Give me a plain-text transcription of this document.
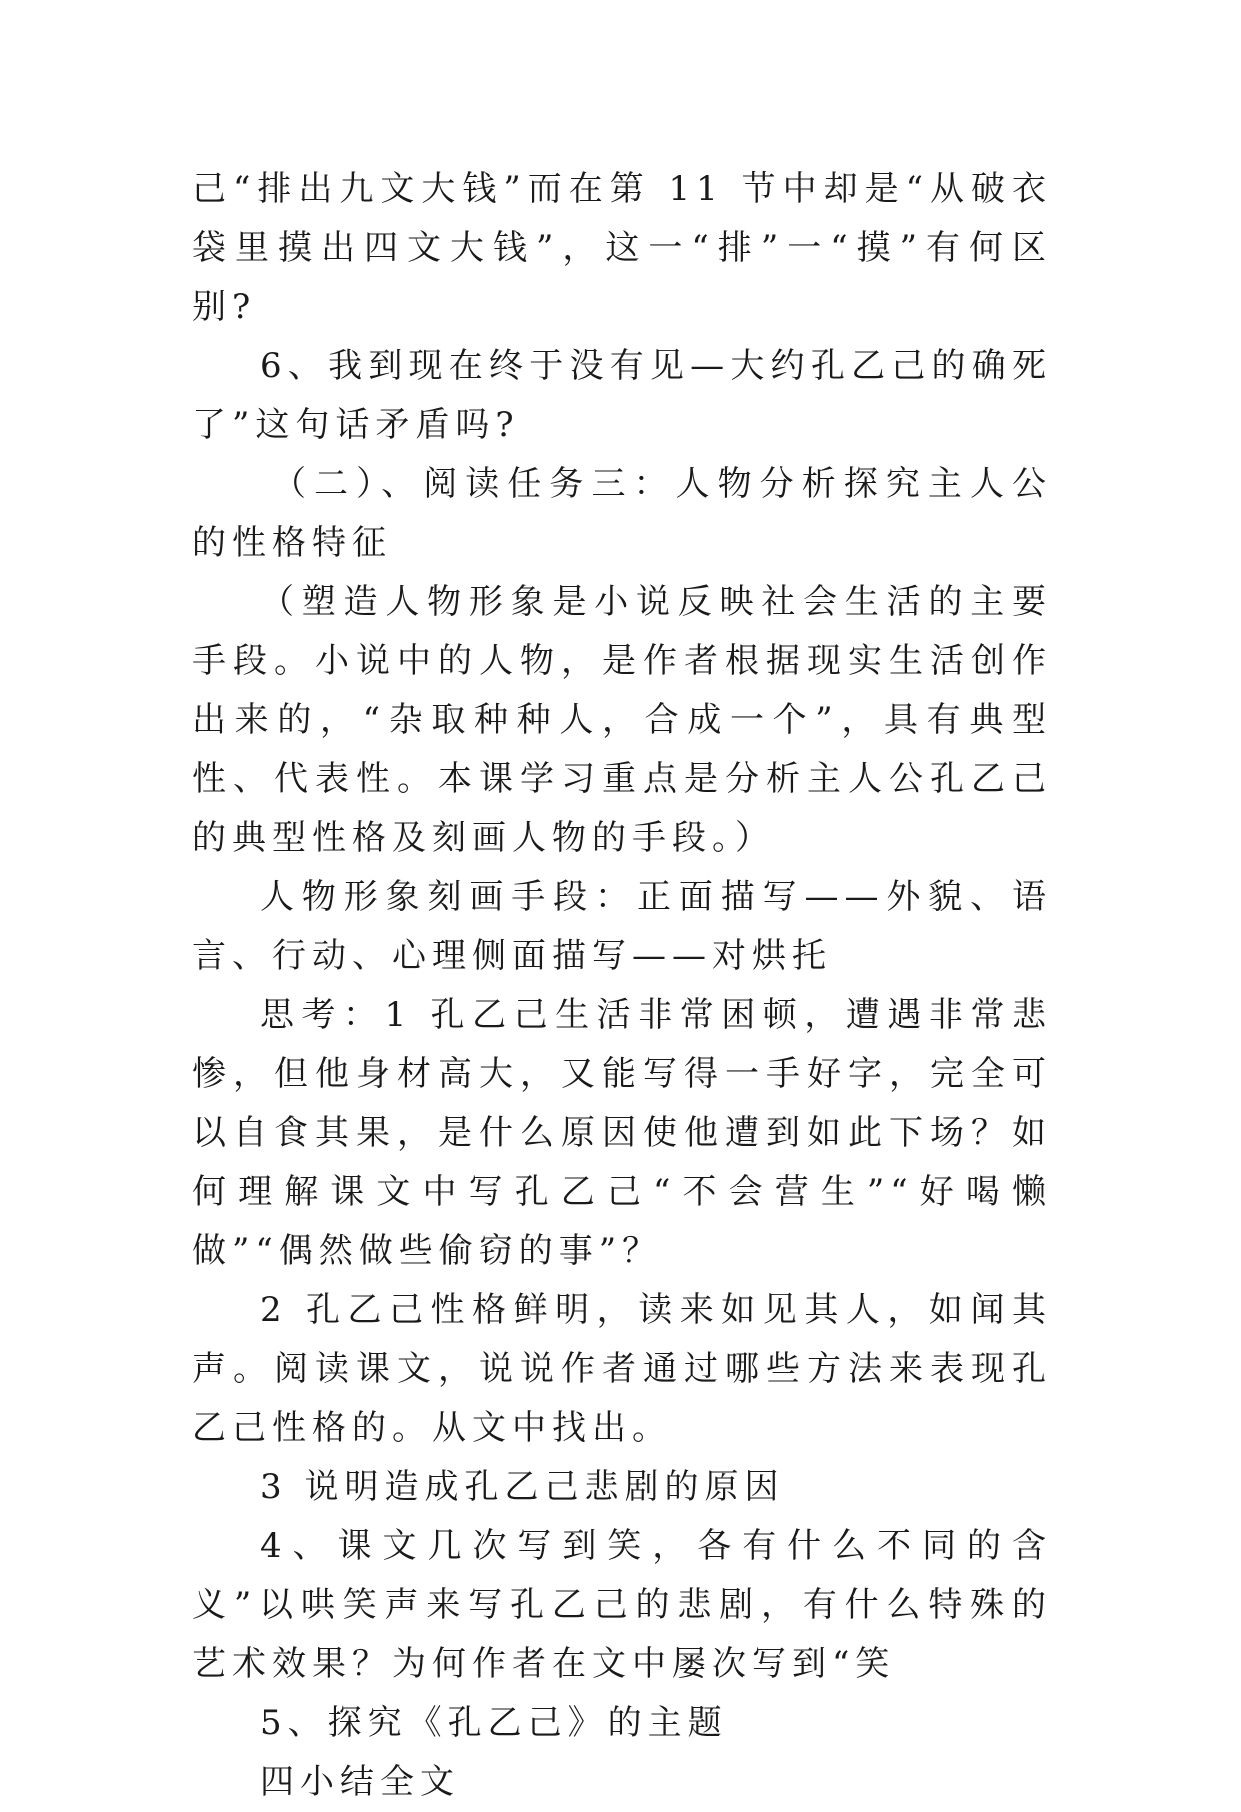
己“排出九文大钱”而在第 11 节中却是“从破衣袋里摸出四文大钱”，这一“排”一“摸”有何区别?

6、我到现在终于没有见—大约孔乙己的确死了”这句话矛盾吗?

（二）、阅读任务三：人物分析探究主人公的性格特征

（塑造人物形象是小说反映社会生活的主要手段。小说中的人物，是作者根据现实生活创作出来的，“杂取种种人，合成一个”，具有典型性、代表性。本课学习重点是分析主人公孔乙己的典型性格及刻画人物的手段。）

人物形象刻画手段：正面描写——外貌、语言、行动、心理侧面描写——对烘托

思考：1 孔乙己生活非常困顿，遭遇非常悲惨，但他身材高大，又能写得一手好字，完全可以自食其果，是什么原因使他遭到如此下场？如何理解课文中写孔乙己“不会营生”“好喝懒做”“偶然做些偷窃的事”？

2 孔乙己性格鲜明，读来如见其人，如闻其声。阅读课文，说说作者通过哪些方法来表现孔乙己性格的。从文中找出。

3 说明造成孔乙己悲剧的原因

4、课文几次写到笑，各有什么不同的含义”以哄笑声来写孔乙己的悲剧，有什么特殊的艺术效果？为何作者在文中屡次写到“笑

5、探究《孔乙己》的主题

四小结全文
